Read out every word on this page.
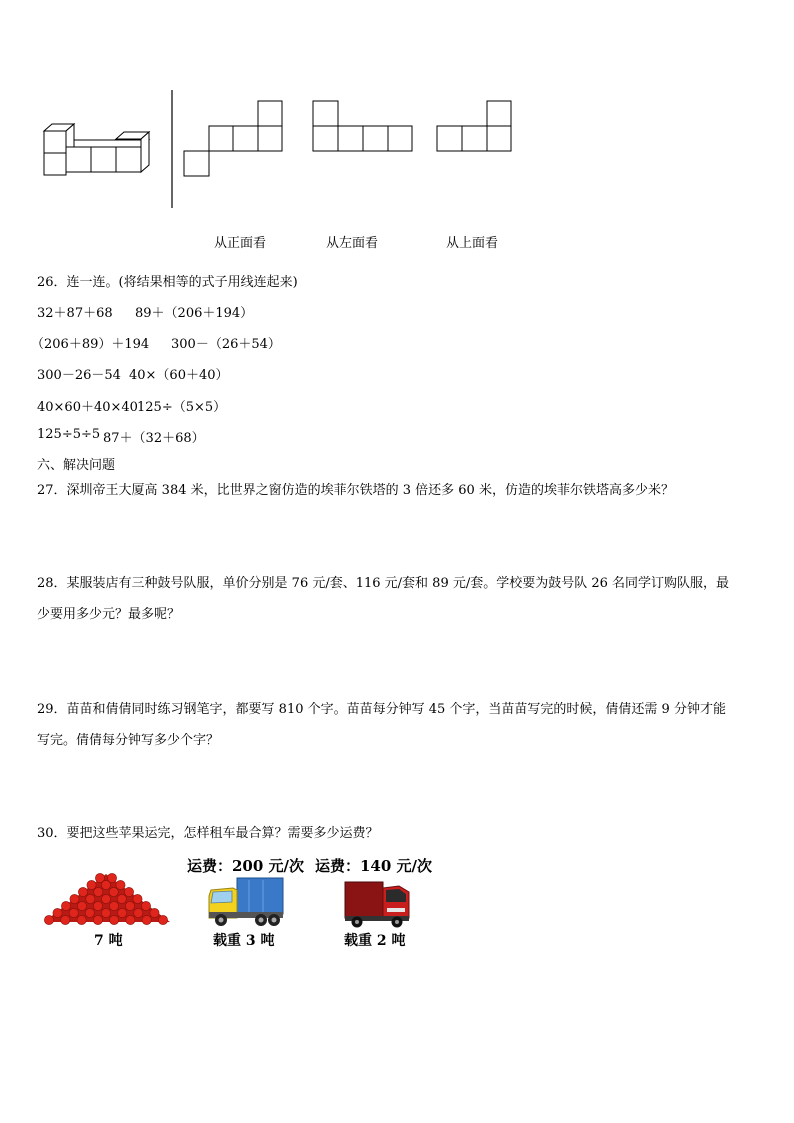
从正面看	从左面看	从上面看
26．连一连。(将结果相等的式子用线连起来)
32＋87＋68 89＋（206＋194）
（206＋89）＋194 300－（26＋54）
300－26－54 40×（60＋40）
40×60＋40×40 125÷（5×5）
125÷5÷5 87＋（32＋68）
六、解决问题
27．深圳帝王大厦高 384 米，比世界之窗仿造的埃菲尔铁塔的 3 倍还多 60 米，仿造的埃菲尔铁塔高多少米？
28．某服装店有三种鼓号队服，单价分别是 76 元/套、116 元/套和 89 元/套。学校要为鼓号队 26 名同学订购队服，最
少要用多少元？最多呢？
29．苗苗和倩倩同时练习钢笔字，都要写 810 个字。苗苗每分钟写 45 个字，当苗苗写完的时候，倩倩还需 9 分钟才能
写完。倩倩每分钟写多少个字？
30．要把这些苹果运完，怎样租车最合算？需要多少运费？
运费：200 元/次 运费：140 元/次
7 吨	载重 3 吨	载重 2 吨
